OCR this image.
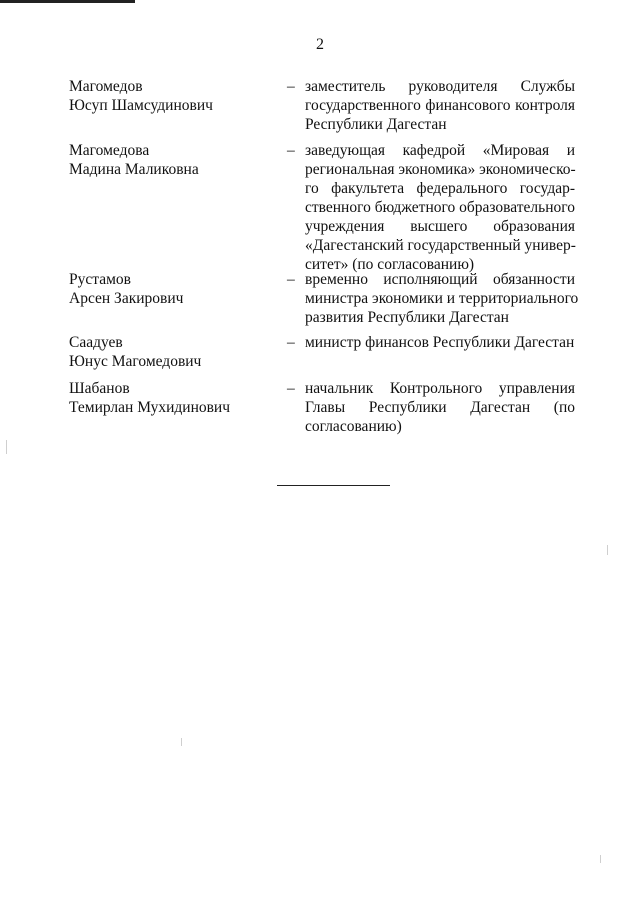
2
Магомедов
Юсуп Шамсудинович
– заместитель руководителя Службы
государственного финансового контроля
Республики Дагестан
Магомедова
Мадина Маликовна
– заведующая кафедрой «Мировая и
региональная экономика» экономическо-
го факультета федерального государ-
ственного бюджетного образовательного
учреждения высшего образования
«Дагестанский государственный универ-
ситет» (по согласованию)
Рустамов
Арсен Закирович
– временно исполняющий обязанности
министра экономики и территориального
развития Республики Дагестан
Саадуев
Юнус Магомедович
– министр финансов Республики Дагестан
Шабанов
Темирлан Мухидинович
– начальник Контрольного управления
Главы Республики Дагестан (по
согласованию)
